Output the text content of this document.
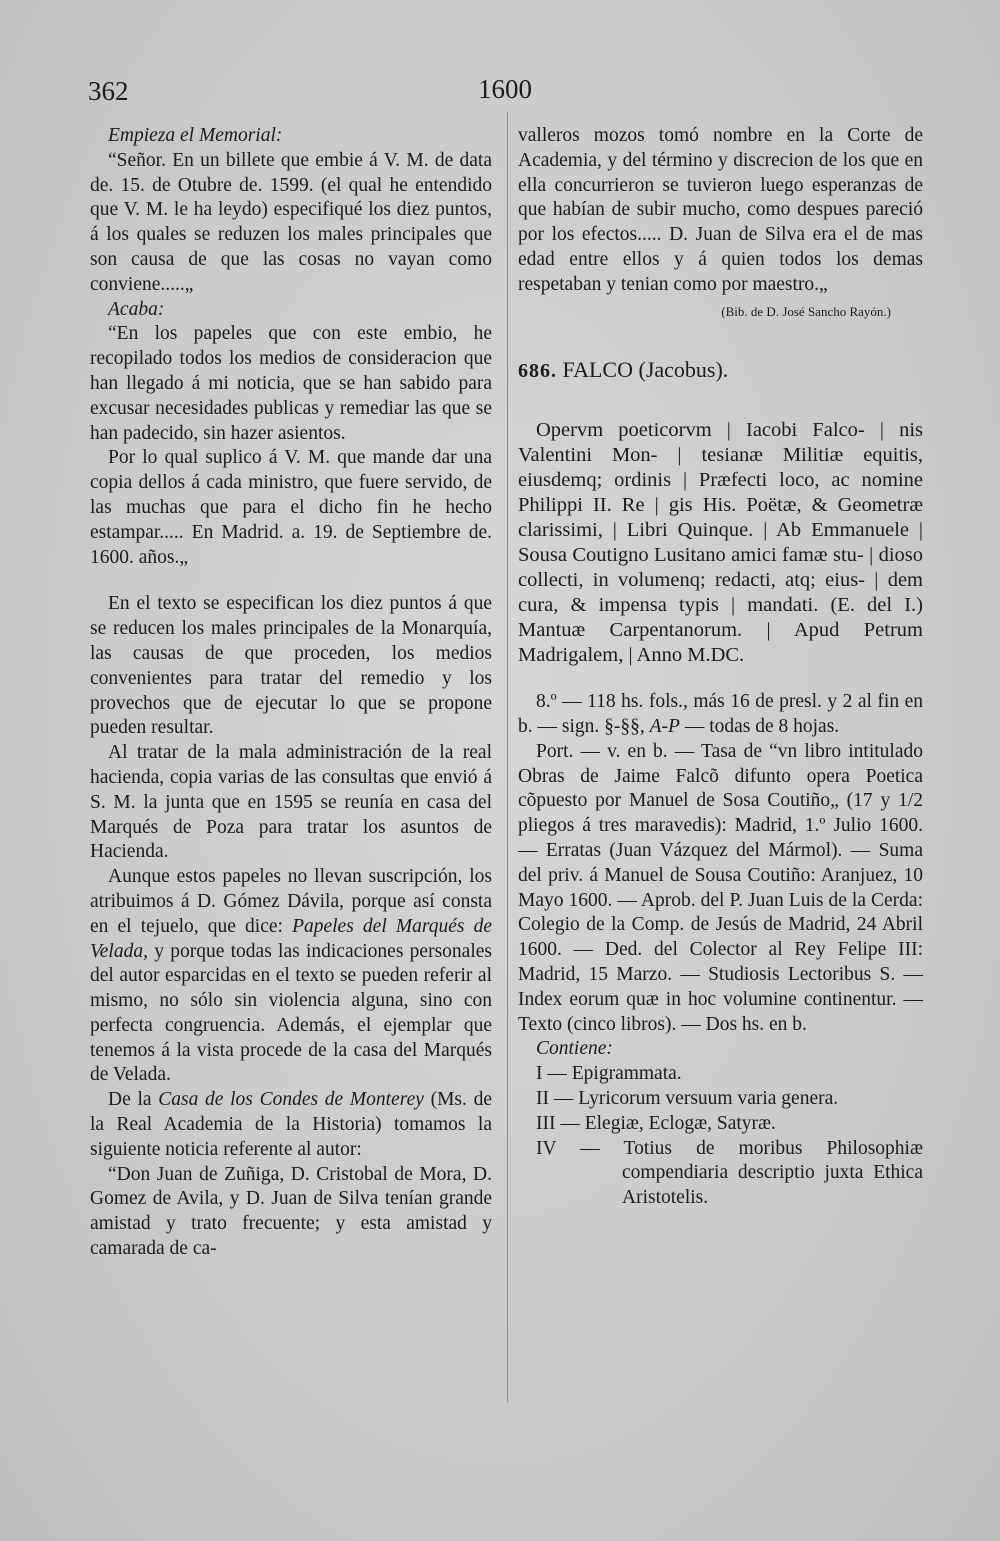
362	1600

Empieza el Memorial:

“Señor. En un billete que embie á V. M. de data de. 15. de Otubre de. 1599. (el qual he entendido que V. M. le ha leydo) especifiqué los diez puntos, á los quales se reduzen los males principales que son causa de que las cosas no vayan como conviene.....„

Acaba:

“En los papeles que con este embio, he recopilado todos los medios de consideracion que han llegado á mi noticia, que se han sabido para excusar necesidades publicas y remediar las que se han padecido, sin hazer asientos.

Por lo qual suplico á V. M. que mande dar una copia dellos á cada ministro, que fuere servido, de las muchas que para el dicho fin he hecho estampar..... En Madrid. a. 19. de Septiembre de. 1600. años.„

En el texto se especifican los diez puntos á que se reducen los males principales de la Monarquía, las causas de que proceden, los medios convenientes para tratar del remedio y los provechos que de ejecutar lo que se propone pueden resultar.

Al tratar de la mala administración de la real hacienda, copia varias de las consultas que envió á S. M. la junta que en 1595 se reunía en casa del Marqués de Poza para tratar los asuntos de Hacienda.

Aunque estos papeles no llevan suscripción, los atribuimos á D. Gómez Dávila, porque así consta en el tejuelo, que dice: Papeles del Marqués de Velada, y porque todas las indicaciones personales del autor esparcidas en el texto se pueden referir al mismo, no sólo sin violencia alguna, sino con perfecta congruencia. Además, el ejemplar que tenemos á la vista procede de la casa del Marqués de Velada.

De la Casa de los Condes de Monterey (Ms. de la Real Academia de la Historia) tomamos la siguiente noticia referente al autor:

“Don Juan de Zuñiga, D. Cristobal de Mora, D. Gomez de Avila, y D. Juan de Silva tenían grande amistad y trato frecuente; y esta amistad y camarada de ca-

valleros mozos tomó nombre en la Corte de Academia, y del término y discrecion de los que en ella concurrieron se tuvieron luego esperanzas de que habían de subir mucho, como despues pareció por los efectos..... D. Juan de Silva era el de mas edad entre ellos y á quien todos los demas respetaban y tenian como por maestro.„

(Bib. de D. José Sancho Rayón.)

686. FALCO (Jacobus).

Opervm poeticorvm | Iacobi Falco- | nis Valentini Mon- | tesianæ Militiæ equitis, eiusdemq; ordinis | Præfecti loco, ac nomine Philippi II. Re | gis His. Poëtæ, & Geometræ clarissimi, | Libri Quinque. | Ab Emmanuele | Sousa Coutigno Lusitano amici famæ stu- | dioso collecti, in volumenq; redacti, atq; eius- | dem cura, & impensa typis | mandati. (E. del I.) Mantuæ Carpentanorum. | Apud Petrum Madrigalem, | Anno M.DC.

8.º — 118 hs. fols., más 16 de presl. y 2 al fin en b. — sign. §-§§, A-P — todas de 8 hojas.

Port. — v. en b. — Tasa de “vn libro intitulado Obras de Jaime Falcõ difunto opera Poetica cõpuesto por Manuel de Sosa Coutiño„ (17 y 1/2 pliegos á tres maravedis): Madrid, 1.º Julio 1600. — Erratas (Juan Vázquez del Mármol). — Suma del priv. á Manuel de Sousa Coutiño: Aranjuez, 10 Mayo 1600. — Aprob. del P. Juan Luis de la Cerda: Colegio de la Comp. de Jesús de Madrid, 24 Abril 1600. — Ded. del Colector al Rey Felipe III: Madrid, 15 Marzo. — Studiosis Lectoribus S. — Index eorum quæ in hoc volumine continentur. — Texto (cinco libros). — Dos hs. en b.

Contiene:

I — Epigrammata.

II — Lyricorum versuum varia genera.

III — Elegiæ, Eclogæ, Satyræ.

IV — Totius de moribus Philosophiæ compendiaria descriptio juxta Ethica Aristotelis.
